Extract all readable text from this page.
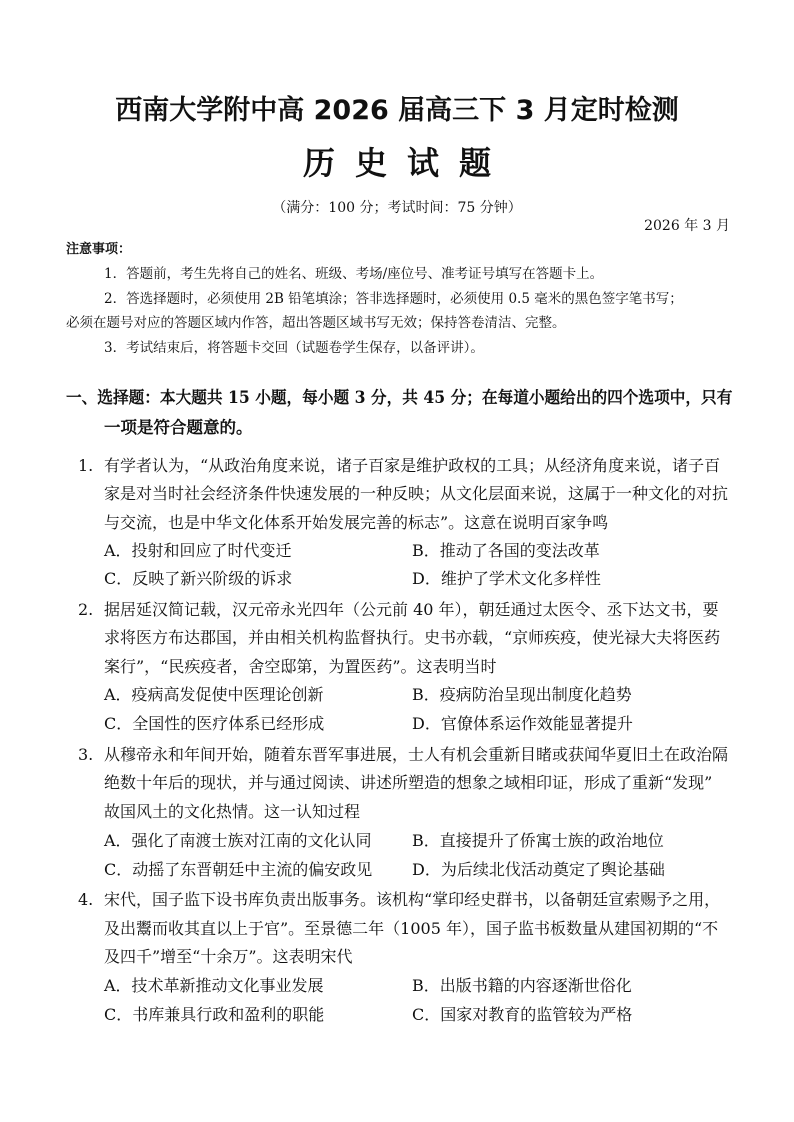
西南大学附中高 2026 届高三下 3 月定时检测
历史试题
（满分：100 分；考试时间：75 分钟）
2026 年 3 月
注意事项：
1．答题前，考生先将自己的姓名、班级、考场/座位号、准考证号填写在答题卡上。
2．答选择题时，必须使用 2B 铅笔填涂；答非选择题时，必须使用 0.5 毫米的黑色签字笔书写；
必须在题号对应的答题区域内作答，超出答题区域书写无效；保持答卷清洁、完整。
3．考试结束后，将答题卡交回（试题卷学生保存，以备评讲）。
一、选择题：本大题共 15 小题，每小题 3 分，共 45 分；在每道小题给出的四个选项中，只有
一项是符合题意的。
1. 有学者认为，“从政治角度来说，诸子百家是维护政权的工具；从经济角度来说，诸子百
家是对当时社会经济条件快速发展的一种反映；从文化层面来说，这属于一种文化的对抗
与交流，也是中华文化体系开始发展完善的标志”。这意在说明百家争鸣
A．投射和回应了时代变迁	B．推动了各国的变法改革
C．反映了新兴阶级的诉求	D．维护了学术文化多样性
2. 据居延汉简记载，汉元帝永光四年（公元前 40 年），朝廷通过太医令、丞下达文书，要
求将医方布达郡国，并由相关机构监督执行。史书亦载，“京师疾疫，使光禄大夫将医药
案行”，“民疾疫者，舍空邸第，为置医药”。这表明当时
A．疫病高发促使中医理论创新	B．疫病防治呈现出制度化趋势
C．全国性的医疗体系已经形成	D．官僚体系运作效能显著提升
3. 从穆帝永和年间开始，随着东晋军事进展，士人有机会重新目睹或获闻华夏旧土在政治隔
绝数十年后的现状，并与通过阅读、讲述所塑造的想象之域相印证，形成了重新“发现”
故国风土的文化热情。这一认知过程
A．强化了南渡士族对江南的文化认同	B．直接提升了侨寓士族的政治地位
C．动摇了东晋朝廷中主流的偏安政见 D．为后续北伐活动奠定了舆论基础
4. 宋代，国子监下设书库负责出版事务。该机构“掌印经史群书，以备朝廷宣索赐予之用，
及出鬻而收其直以上于官”。至景德二年（1005 年），国子监书板数量从建国初期的“不
及四千”增至“十余万”。这表明宋代
A．技术革新推动文化事业发展	B．出版书籍的内容逐渐世俗化
C．书库兼具行政和盈利的职能	C．国家对教育的监管较为严格
